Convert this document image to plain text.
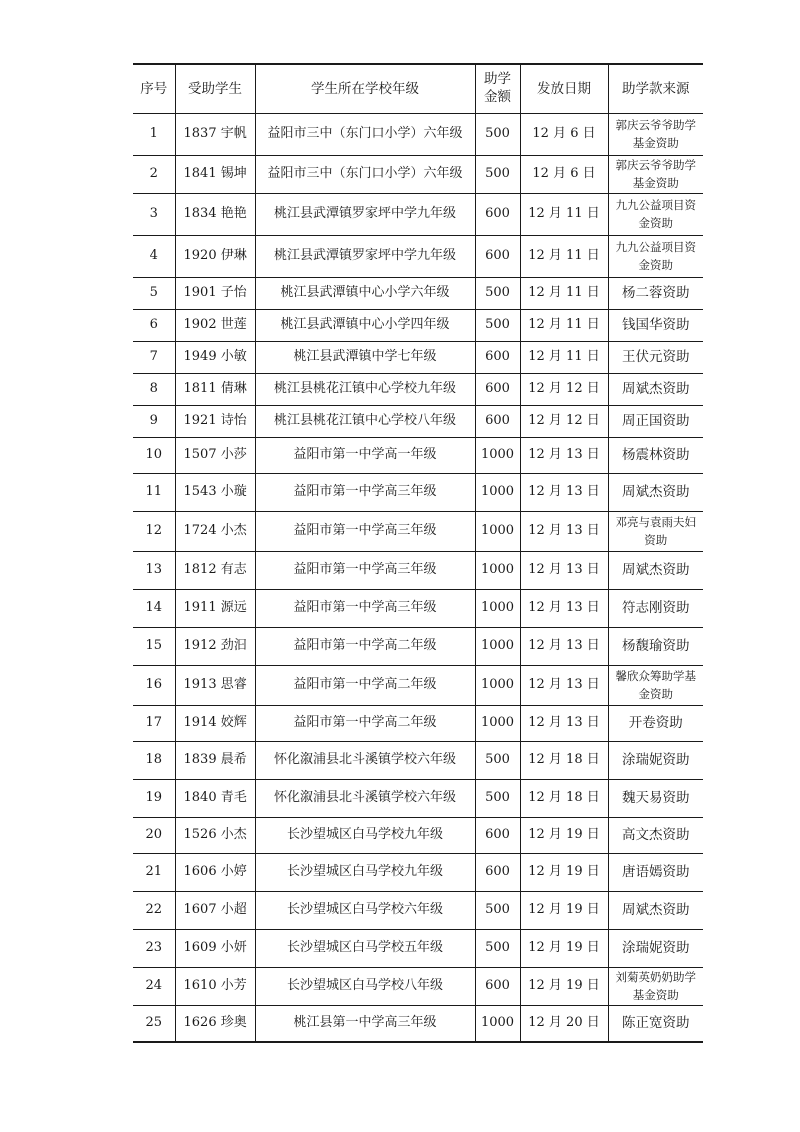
序号	受助学生	学生所在学校年级	助学金额	发放日期	助学款来源
1	1837 宇帆	益阳市三中（东门口小学）六年级	500	12 月 6 日	郭庆云爷爷助学基金资助
2	1841 锡坤	益阳市三中（东门口小学）六年级	500	12 月 6 日	郭庆云爷爷助学基金资助
3	1834 艳艳	桃江县武潭镇罗家坪中学九年级	600	12 月 11 日	九九公益项目资金资助
4	1920 伊琳	桃江县武潭镇罗家坪中学九年级	600	12 月 11 日	九九公益项目资金资助
5	1901 子怡	桃江县武潭镇中心小学六年级	500	12 月 11 日	杨二蓉资助
6	1902 世莲	桃江县武潭镇中心小学四年级	500	12 月 11 日	钱国华资助
7	1949 小敏	桃江县武潭镇中学七年级	600	12 月 11 日	王伏元资助
8	1811 倩琳	桃江县桃花江镇中心学校九年级	600	12 月 12 日	周斌杰资助
9	1921 诗怡	桃江县桃花江镇中心学校八年级	600	12 月 12 日	周正国资助
10	1507 小莎	益阳市第一中学高一年级	1000	12 月 13 日	杨震林资助
11	1543 小璇	益阳市第一中学高三年级	1000	12 月 13 日	周斌杰资助
12	1724 小杰	益阳市第一中学高三年级	1000	12 月 13 日	邓亮与袁雨夫妇资助
13	1812 有志	益阳市第一中学高三年级	1000	12 月 13 日	周斌杰资助
14	1911 源远	益阳市第一中学高三年级	1000	12 月 13 日	符志刚资助
15	1912 劲汩	益阳市第一中学高二年级	1000	12 月 13 日	杨馥瑜资助
16	1913 思睿	益阳市第一中学高二年级	1000	12 月 13 日	馨欣众筹助学基金资助
17	1914 姣辉	益阳市第一中学高二年级	1000	12 月 13 日	开卷资助
18	1839 晨希	怀化溆浦县北斗溪镇学校六年级	500	12 月 18 日	涂瑞妮资助
19	1840 青毛	怀化溆浦县北斗溪镇学校六年级	500	12 月 18 日	魏天易资助
20	1526 小杰	长沙望城区白马学校九年级	600	12 月 19 日	高文杰资助
21	1606 小婷	长沙望城区白马学校九年级	600	12 月 19 日	唐语嫣资助
22	1607 小超	长沙望城区白马学校六年级	500	12 月 19 日	周斌杰资助
23	1609 小妍	长沙望城区白马学校五年级	500	12 月 19 日	涂瑞妮资助
24	1610 小芳	长沙望城区白马学校八年级	600	12 月 19 日	刘菊英奶奶助学基金资助
25	1626 珍奥	桃江县第一中学高三年级	1000	12 月 20 日	陈正宽资助
